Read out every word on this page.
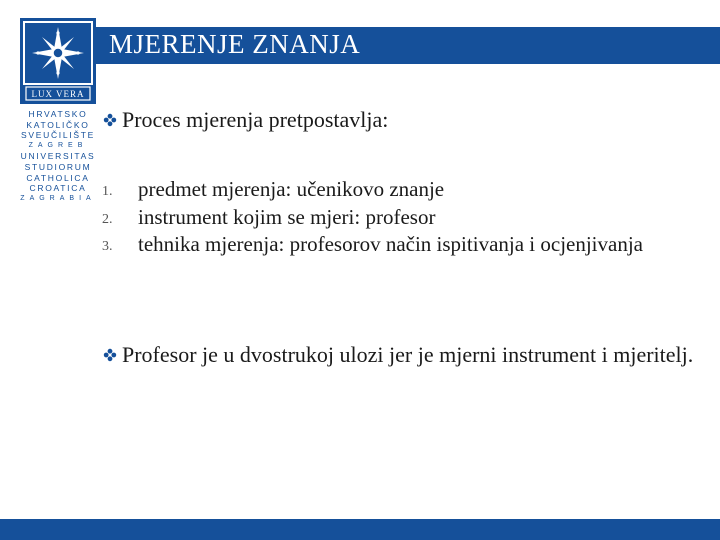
MJERENJE ZNANJA
LUX VERA
HRVATSKO
KATOLIČKO
SVEUČILIŠTE
ZAGREB
UNIVERSITAS
STUDIORUM
CATHOLICA
CROATICA
ZAGRABIA
Proces mjerenja pretpostavlja:
1. predmet mjerenja: učenikovo znanje
2. instrument kojim se mjeri: profesor
3. tehnika mjerenja: profesorov način ispitivanja i ocjenjivanja
Profesor je u dvostrukoj ulozi jer je mjerni instrument i mjeritelj.
